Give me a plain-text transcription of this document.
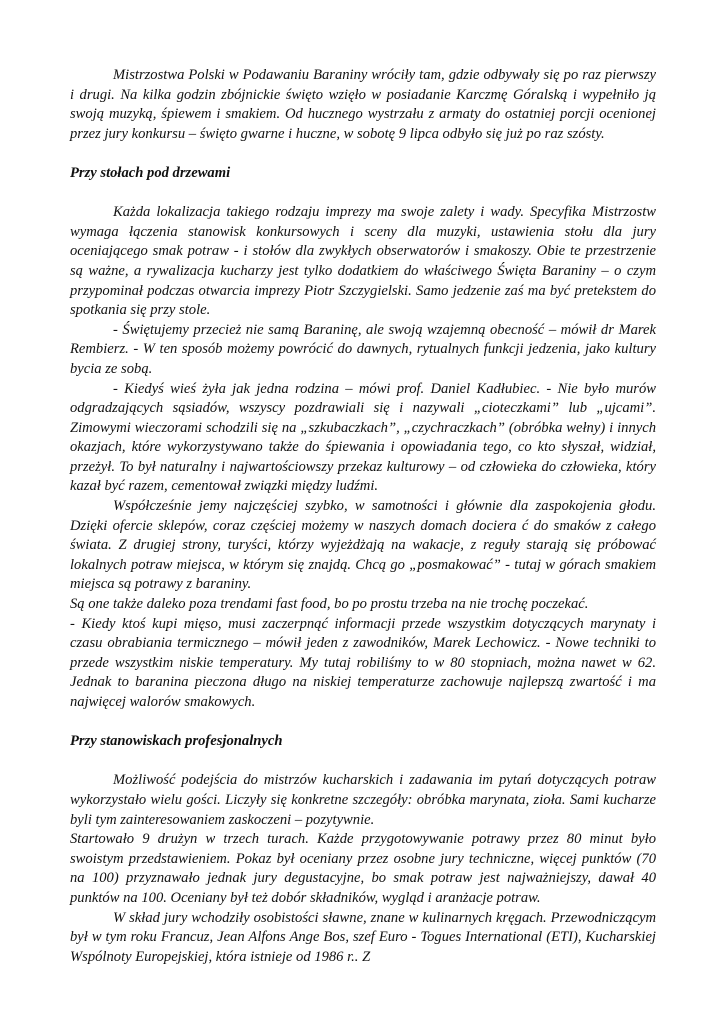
Mistrzostwa Polski w Podawaniu Baraniny wróciły tam, gdzie odbywały się po raz pierwszy i drugi. Na kilka godzin zbójnickie święto wzięło w posiadanie Karczmę Góralską i wypełniło ją swoją muzyką, śpiewem i smakiem. Od hucznego wystrzału z armaty do ostatniej porcji ocenionej przez jury konkursu – święto gwarne i huczne, w sobotę 9 lipca odbyło się już po raz szósty.

Przy stołach pod drzewami

Każda lokalizacja takiego rodzaju imprezy ma swoje zalety i wady. Specyfika Mistrzostw wymaga łączenia stanowisk konkursowych i sceny dla muzyki, ustawienia stołu dla jury oceniającego smak potraw - i stołów dla zwykłych obserwatorów i smakoszy. Obie te przestrzenie są ważne, a rywalizacja kucharzy jest tylko dodatkiem do właściwego Święta Baraniny – o czym przypominał podczas otwarcia imprezy Piotr Szczygielski. Samo jedzenie zaś ma być pretekstem do spotkania się przy stole.

- Świętujemy przecież nie samą Baraninę, ale swoją wzajemną obecność – mówił dr Marek Rembierz. - W ten sposób możemy powrócić do dawnych, rytualnych funkcji jedzenia, jako kultury bycia ze sobą.

- Kiedyś wieś żyła jak jedna rodzina – mówi prof. Daniel Kadłubiec. - Nie było murów odgradzających sąsiadów, wszyscy pozdrawiali się i nazywali „cioteczkami” lub „ujcami”. Zimowymi wieczorami schodzili się na „szkubaczkach”, „czychraczkach” (obróbka wełny) i innych okazjach, które wykorzystywano także do śpiewania i opowiadania tego, co kto słyszał, widział, przeżył. To był naturalny i najwartościowszy przekaz kulturowy – od człowieka do człowieka, który kazał być razem, cementował związki między ludźmi.

Współcześnie jemy najczęściej szybko, w samotności i głównie dla zaspokojenia głodu. Dzięki ofercie sklepów, coraz częściej możemy w naszych domach dociera ć do smaków z całego świata. Z drugiej strony, turyści, którzy wyjeżdżają na wakacje, z reguły starają się próbować lokalnych potraw miejsca, w którym się znajdą. Chcą go „posmakować” - tutaj w górach smakiem miejsca są potrawy z baraniny.

Są one także daleko poza trendami fast food, bo po prostu trzeba na nie trochę poczekać.

- Kiedy ktoś kupi mięso, musi zaczerpnąć informacji przede wszystkim dotyczących marynaty i czasu obrabiania termicznego – mówił jeden z zawodników, Marek Lechowicz. - Nowe techniki to przede wszystkim niskie temperatury. My tutaj robiliśmy to w 80 stopniach, można nawet w 62. Jednak to baranina pieczona długo na niskiej temperaturze zachowuje najlepszą zwartość i ma najwięcej walorów smakowych.

Przy stanowiskach profesjonalnych

Możliwość podejścia do mistrzów kucharskich i zadawania im pytań dotyczących potraw wykorzystało wielu gości. Liczyły się konkretne szczegóły: obróbka marynata, zioła. Sami kucharze byli tym zainteresowaniem zaskoczeni – pozytywnie.

Startowało 9 drużyn w trzech turach. Każde przygotowywanie potrawy przez 80 minut było swoistym przedstawieniem. Pokaz był oceniany przez osobne jury techniczne, więcej punktów (70 na 100) przyznawało jednak jury degustacyjne, bo smak potraw jest najważniejszy, dawał 40 punktów na 100. Oceniany był też dobór składników, wygląd i aranżacje potraw.

W skład jury wchodziły osobistości sławne, znane w kulinarnych kręgach. Przewodniczącym był w tym roku Francuz, Jean Alfons Ange Bos, szef Euro - Togues International (ETI), Kucharskiej Wspólnoty Europejskiej, która istnieje od 1986 r.. Z
